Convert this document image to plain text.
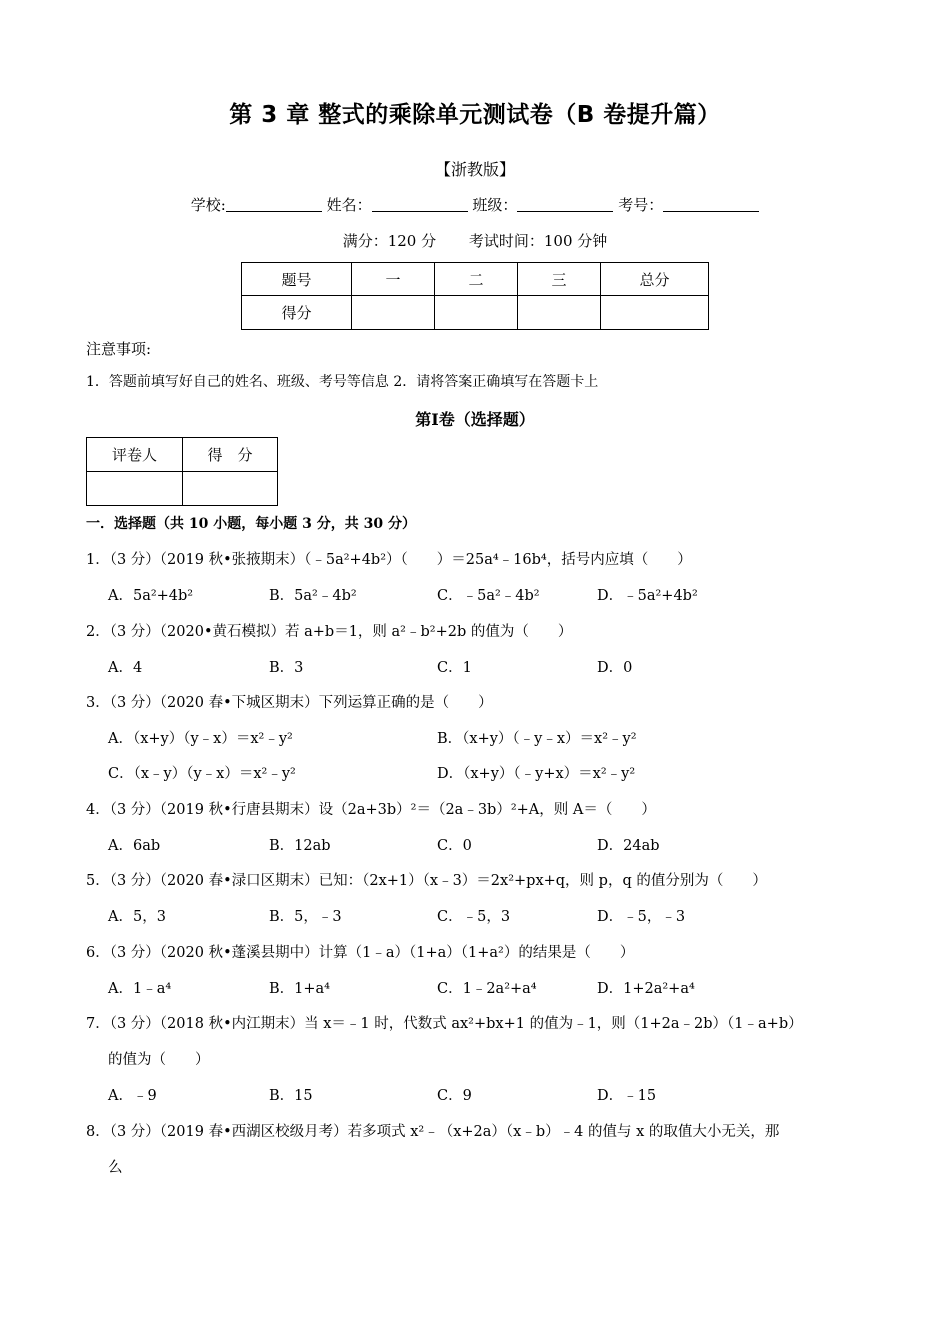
第 3 章 整式的乘除单元测试卷（B 卷提升篇）
【浙教版】
学校:	姓名：	班级：	考号：
满分：120 分 考试时间：100 分钟
题号	一	二	三	总分
得分				
注意事项:
1．答题前填写好自己的姓名、班级、考号等信息 2．请将答案正确填写在答题卡上
第Ⅰ卷（选择题）
评卷人	得　分

一．选择题（共 10 小题，每小题 3 分，共 30 分）
1．（3 分）（2019 秋•张掖期末）（﹣5a²+4b²）（　　）＝25a⁴﹣16b⁴，括号内应填（　　）
A．5a²+4b²	B．5a²﹣4b²	C．﹣5a²﹣4b²	D．﹣5a²+4b²
2．（3 分）（2020•黄石模拟）若 a+b＝1，则 a²﹣b²+2b 的值为（　　）
A．4	B．3	C．1	D．0
3．（3 分）（2020 春•下城区期末）下列运算正确的是（　　）
A．（x+y）（y﹣x）＝x²﹣y²	B．（x+y）（﹣y﹣x）＝x²﹣y²
C．（x﹣y）（y﹣x）＝x²﹣y²	D．（x+y）（﹣y+x）＝x²﹣y²
4．（3 分）（2019 秋•行唐县期末）设（2a+3b）²＝（2a﹣3b）²+A，则 A＝（　　）
A．6ab	B．12ab	C．0	D．24ab
5．（3 分）（2020 春•渌口区期末）已知：（2x+1）（x﹣3）＝2x²+px+q，则 p，q 的值分别为（　　）
A．5，3	B．5，﹣3	C．﹣5，3	D．﹣5，﹣3
6．（3 分）（2020 秋•蓬溪县期中）计算（1﹣a）（1+a）（1+a²）的结果是（　　）
A．1﹣a⁴	B．1+a⁴	C．1﹣2a²+a⁴	D．1+2a²+a⁴
7．（3 分）（2018 秋•内江期末）当 x＝﹣1 时，代数式 ax²+bx+1 的值为﹣1，则（1+2a﹣2b）（1﹣a+b）
的值为（　　）
A．﹣9	B．15	C．9	D．﹣15
8．（3 分）（2019 春•西湖区校级月考）若多项式 x²﹣（x+2a）（x﹣b）﹣4 的值与 x 的取值大小无关，那
么
